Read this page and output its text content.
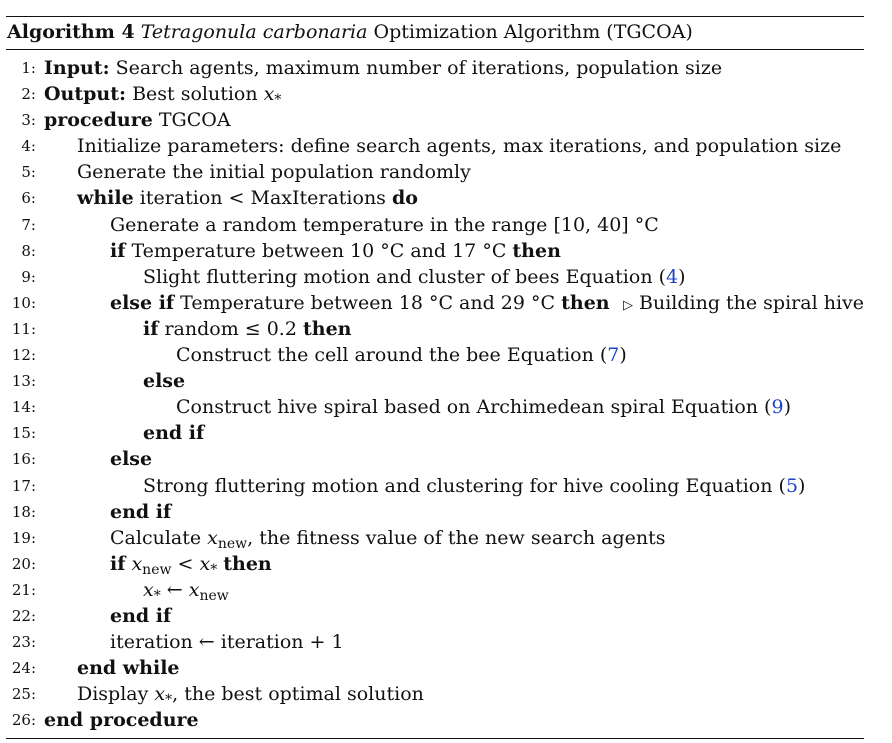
Algorithm 4 Tetragonula carbonaria Optimization Algorithm (TGCOA)
1: Input: Search agents, maximum number of iterations, population size
2: Output: Best solution $x_*$
3: procedure TGCOA
4: Initialize parameters: define search agents, max iterations, and population size
5: Generate the initial population randomly
6: while iteration < MaxIterations do
7:	Generate a random temperature in the range [10, 40] °C
8:	if Temperature between 10 °C and 17 °C then
9:	Slight fluttering motion and cluster of bees Equation (4)
10:	else if Temperature between 18 °C and 29 °C then ▷ Building the spiral hive
11:	if random ≤ 0.2 then
12:	Construct the cell around the bee Equation (7)
13:	else
14:	Construct hive spiral based on Archimedean spiral Equation (9)
15:	end if
16:	else
17:	Strong fluttering motion and clustering for hive cooling Equation (5)
18:	end if
19:	Calculate $x_{new}$, the fitness value of the new search agents
20:	if $x_{new} < x_*$ then
21:	$x_*$ ← $x_{new}$
22:	end if
23:	iteration ← iteration + 1
24: end while
25: Display $x_*$, the best optimal solution
26: end procedure
